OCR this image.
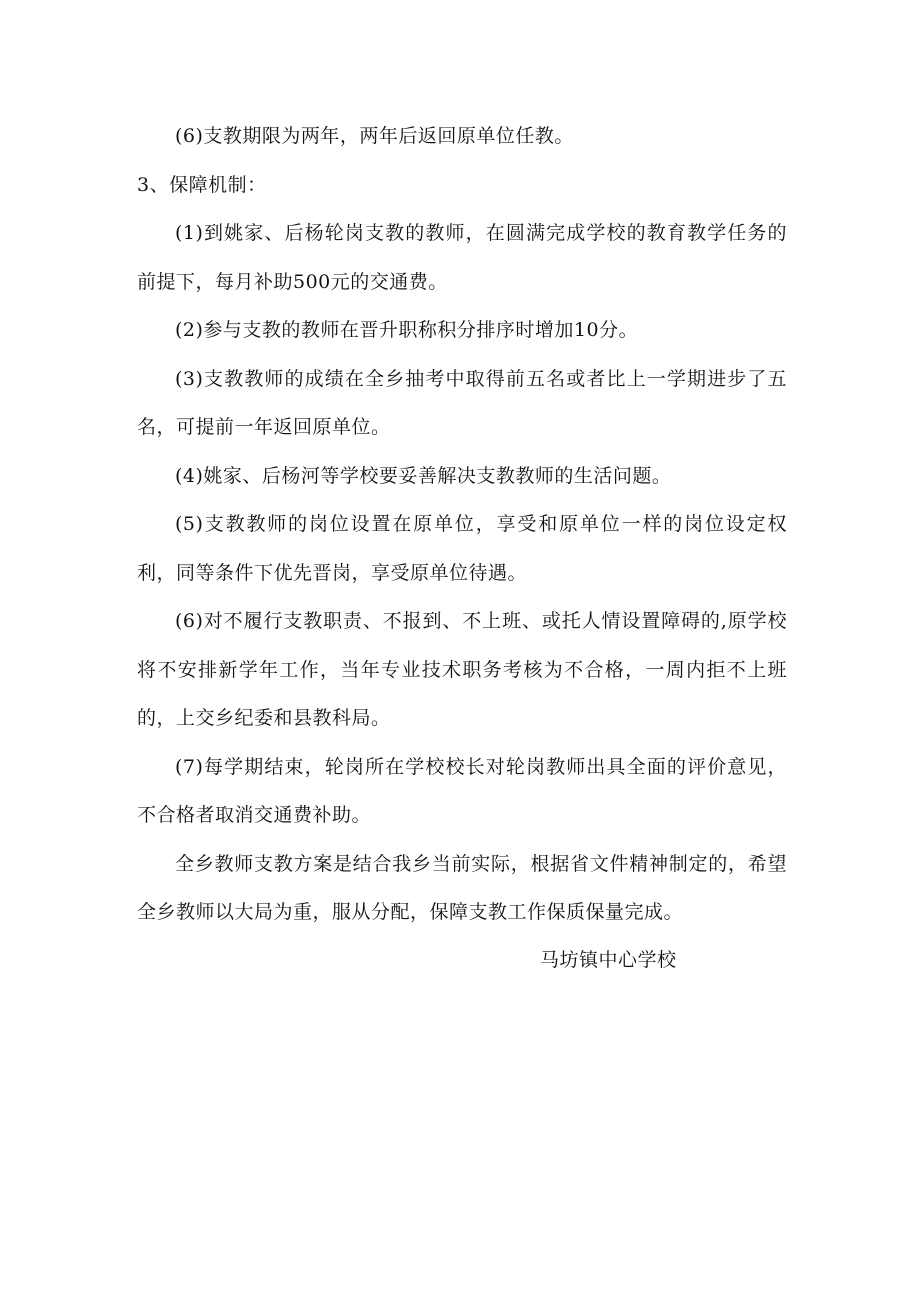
(6)支教期限为两年，两年后返回原单位任教。

3、保障机制：

(1)到姚家、后杨轮岗支教的教师，在圆满完成学校的教育教学任务的前提下，每月补助500元的交通费。

(2)参与支教的教师在晋升职称积分排序时增加10分。

(3)支教教师的成绩在全乡抽考中取得前五名或者比上一学期进步了五名，可提前一年返回原单位。

(4)姚家、后杨河等学校要妥善解决支教教师的生活问题。

(5)支教教师的岗位设置在原单位，享受和原单位一样的岗位设定权利，同等条件下优先晋岗，享受原单位待遇。

(6)对不履行支教职责、不报到、不上班、或托人情设置障碍的,原学校将不安排新学年工作，当年专业技术职务考核为不合格，一周内拒不上班的，上交乡纪委和县教科局。

(7)每学期结束，轮岗所在学校校长对轮岗教师出具全面的评价意见，不合格者取消交通费补助。

全乡教师支教方案是结合我乡当前实际，根据省文件精神制定的，希望全乡教师以大局为重，服从分配，保障支教工作保质保量完成。

马坊镇中心学校
